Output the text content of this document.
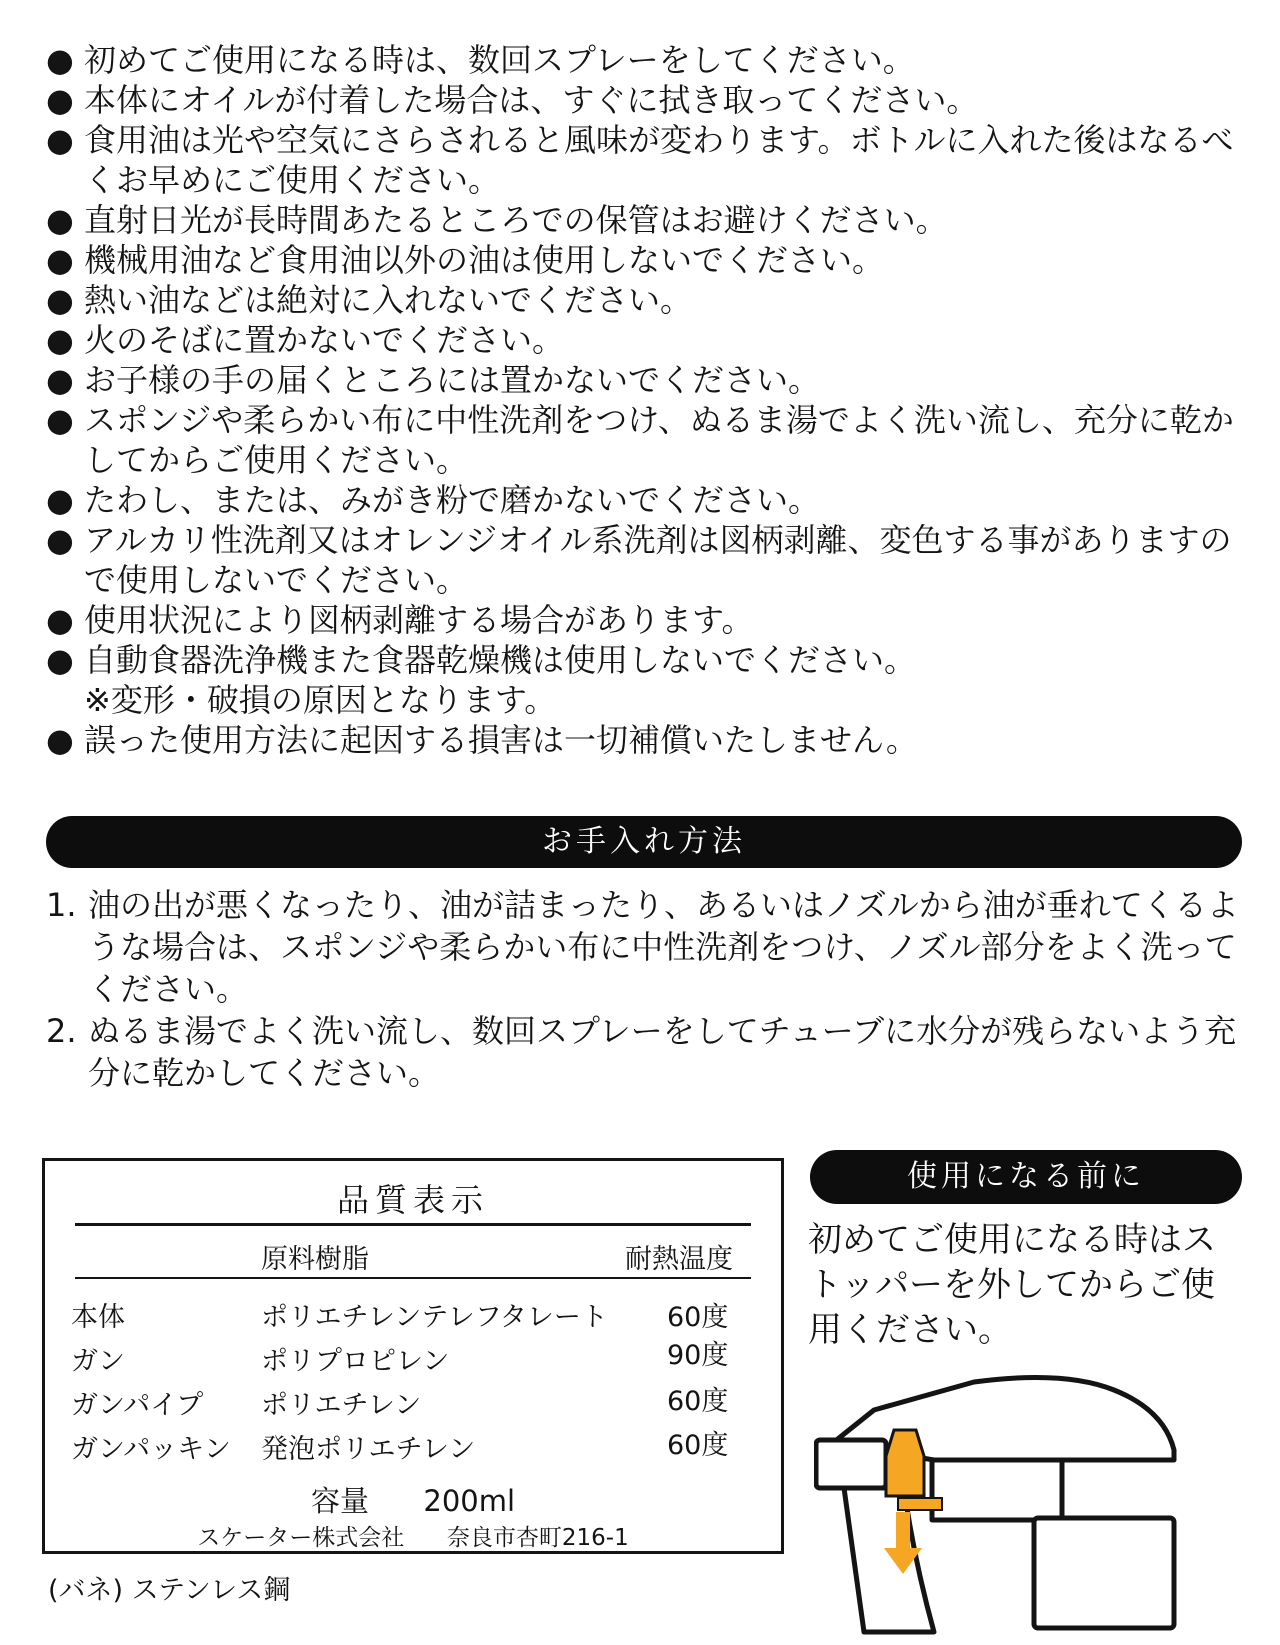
● 初めてご使用になる時は、数回スプレーをしてください。
● 本体にオイルが付着した場合は、すぐに拭き取ってください。
● 食用油は光や空気にさらされると風味が変わります。ボトルに入れた後はなるべくお早めにご使用ください。
● 直射日光が長時間あたるところでの保管はお避けください。
● 機械用油など食用油以外の油は使用しないでください。
● 熱い油などは絶対に入れないでください。
● 火のそばに置かないでください。
● お子様の手の届くところには置かないでください。
● スポンジや柔らかい布に中性洗剤をつけ、ぬるま湯でよく洗い流し、充分に乾かしてからご使用ください。
● たわし、または、みがき粉で磨かないでください。
● アルカリ性洗剤又はオレンジオイル系洗剤は図柄剥離、変色する事がありますので使用しないでください。
● 使用状況により図柄剥離する場合があります。
● 自動食器洗浄機また食器乾燥機は使用しないでください。
※変形・破損の原因となります。
● 誤った使用方法に起因する損害は一切補償いたしません。
お手入れ方法
1. 油の出が悪くなったり、油が詰まったり、あるいはノズルから油が垂れてくるような場合は、スポンジや柔らかい布に中性洗剤をつけ、ノズル部分をよく洗ってください。
2. ぬるま湯でよく洗い流し、数回スプレーをしてチューブに水分が残らないよう充分に乾かしてください。
品質表示
原料樹脂	耐熱温度
本体	ポリエチレンテレフタレート 60度
ガン	ポリプロピレン	90度
ガンパイプ ポリエチレン	60度
ガンパッキン 発泡ポリエチレン	60度
容量 200ml
スケーター株式会社 奈良市杏町216-1
(バネ) ステンレス鋼
使用になる前に
初めてご使用になる時はストッパーを外してからご使用ください。
